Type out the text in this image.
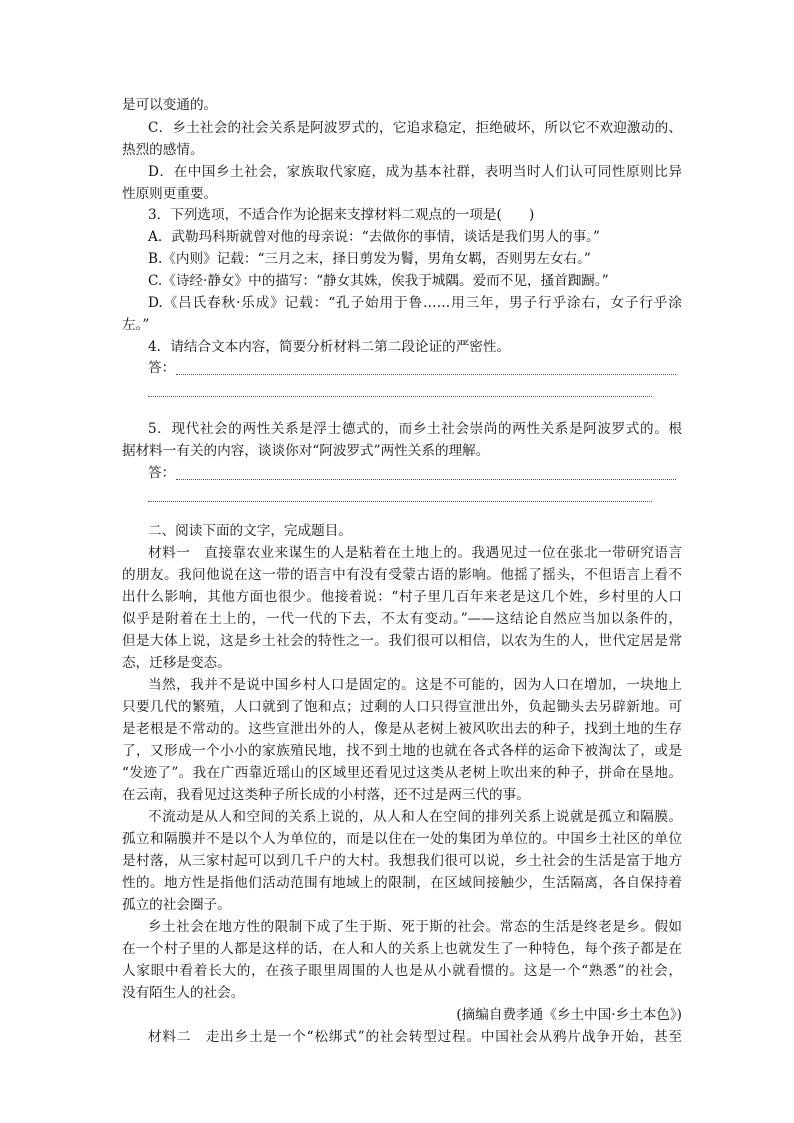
是可以变通的。
C．乡土社会的社会关系是阿波罗式的，它追求稳定，拒绝破坏，所以它不欢迎激动的、
热烈的感情。
D．在中国乡土社会，家族取代家庭，成为基本社群，表明当时人们认可同性原则比异
性原则更重要。
3．下列选项，不适合作为论据来支撑材料二观点的一项是(　　)
A．武勒玛科斯就曾对他的母亲说：“去做你的事情，谈话是我们男人的事。”
B.《内则》记载：“三月之末，择日剪发为鬌，男角女羁，否则男左女右。”
C.《诗经·静女》中的描写：“静女其姝，俟我于城隅。爱而不见，搔首踟蹰。”
D.《吕氏春秋·乐成》记载：“孔子始用于鲁……用三年，男子行乎涂右，女子行乎涂
左。”
4．请结合文本内容，简要分析材料二第二段论证的严密性。
答：
5．现代社会的两性关系是浮士德式的，而乡土社会崇尚的两性关系是阿波罗式的。根
据材料一有关的内容，谈谈你对“阿波罗式”两性关系的理解。
答：
二、阅读下面的文字，完成题目。
材料一　直接靠农业来谋生的人是粘着在土地上的。我遇见过一位在张北一带研究语言
的朋友。我问他说在这一带的语言中有没有受蒙古语的影响。他摇了摇头，不但语言上看不
出什么影响，其他方面也很少。他接着说：“村子里几百年来老是这几个姓，乡村里的人口
似乎是附着在土上的，一代一代的下去，不太有变动。”——这结论自然应当加以条件的，
但是大体上说，这是乡土社会的特性之一。我们很可以相信，以农为生的人，世代定居是常
态，迁移是变态。
当然，我并不是说中国乡村人口是固定的。这是不可能的，因为人口在增加，一块地上
只要几代的繁殖，人口就到了饱和点；过剩的人口只得宣泄出外，负起锄头去另辟新地。可
是老根是不常动的。这些宣泄出外的人，像是从老树上被风吹出去的种子，找到土地的生存
了，又形成一个小小的家族殖民地，找不到土地的也就在各式各样的运命下被淘汰了，或是
“发迹了”。我在广西靠近瑶山的区域里还看见过这类从老树上吹出来的种子，拼命在垦地。
在云南，我看见过这类种子所长成的小村落，还不过是两三代的事。
不流动是从人和空间的关系上说的，从人和人在空间的排列关系上说就是孤立和隔膜。
孤立和隔膜并不是以个人为单位的，而是以住在一处的集团为单位的。中国乡土社区的单位
是村落，从三家村起可以到几千户的大村。我想我们很可以说，乡土社会的生活是富于地方
性的。地方性是指他们活动范围有地域上的限制，在区域间接触少，生活隔离，各自保持着
孤立的社会圈子。
乡土社会在地方性的限制下成了生于斯、死于斯的社会。常态的生活是终老是乡。假如
在一个村子里的人都是这样的话，在人和人的关系上也就发生了一种特色，每个孩子都是在
人家眼中看着长大的，在孩子眼里周围的人也是从小就看惯的。这是一个“熟悉”的社会，
没有陌生人的社会。
(摘编自费孝通《乡土中国·乡土本色》)
材料二　走出乡土是一个“松绑式”的社会转型过程。中国社会从鸦片战争开始，甚至
